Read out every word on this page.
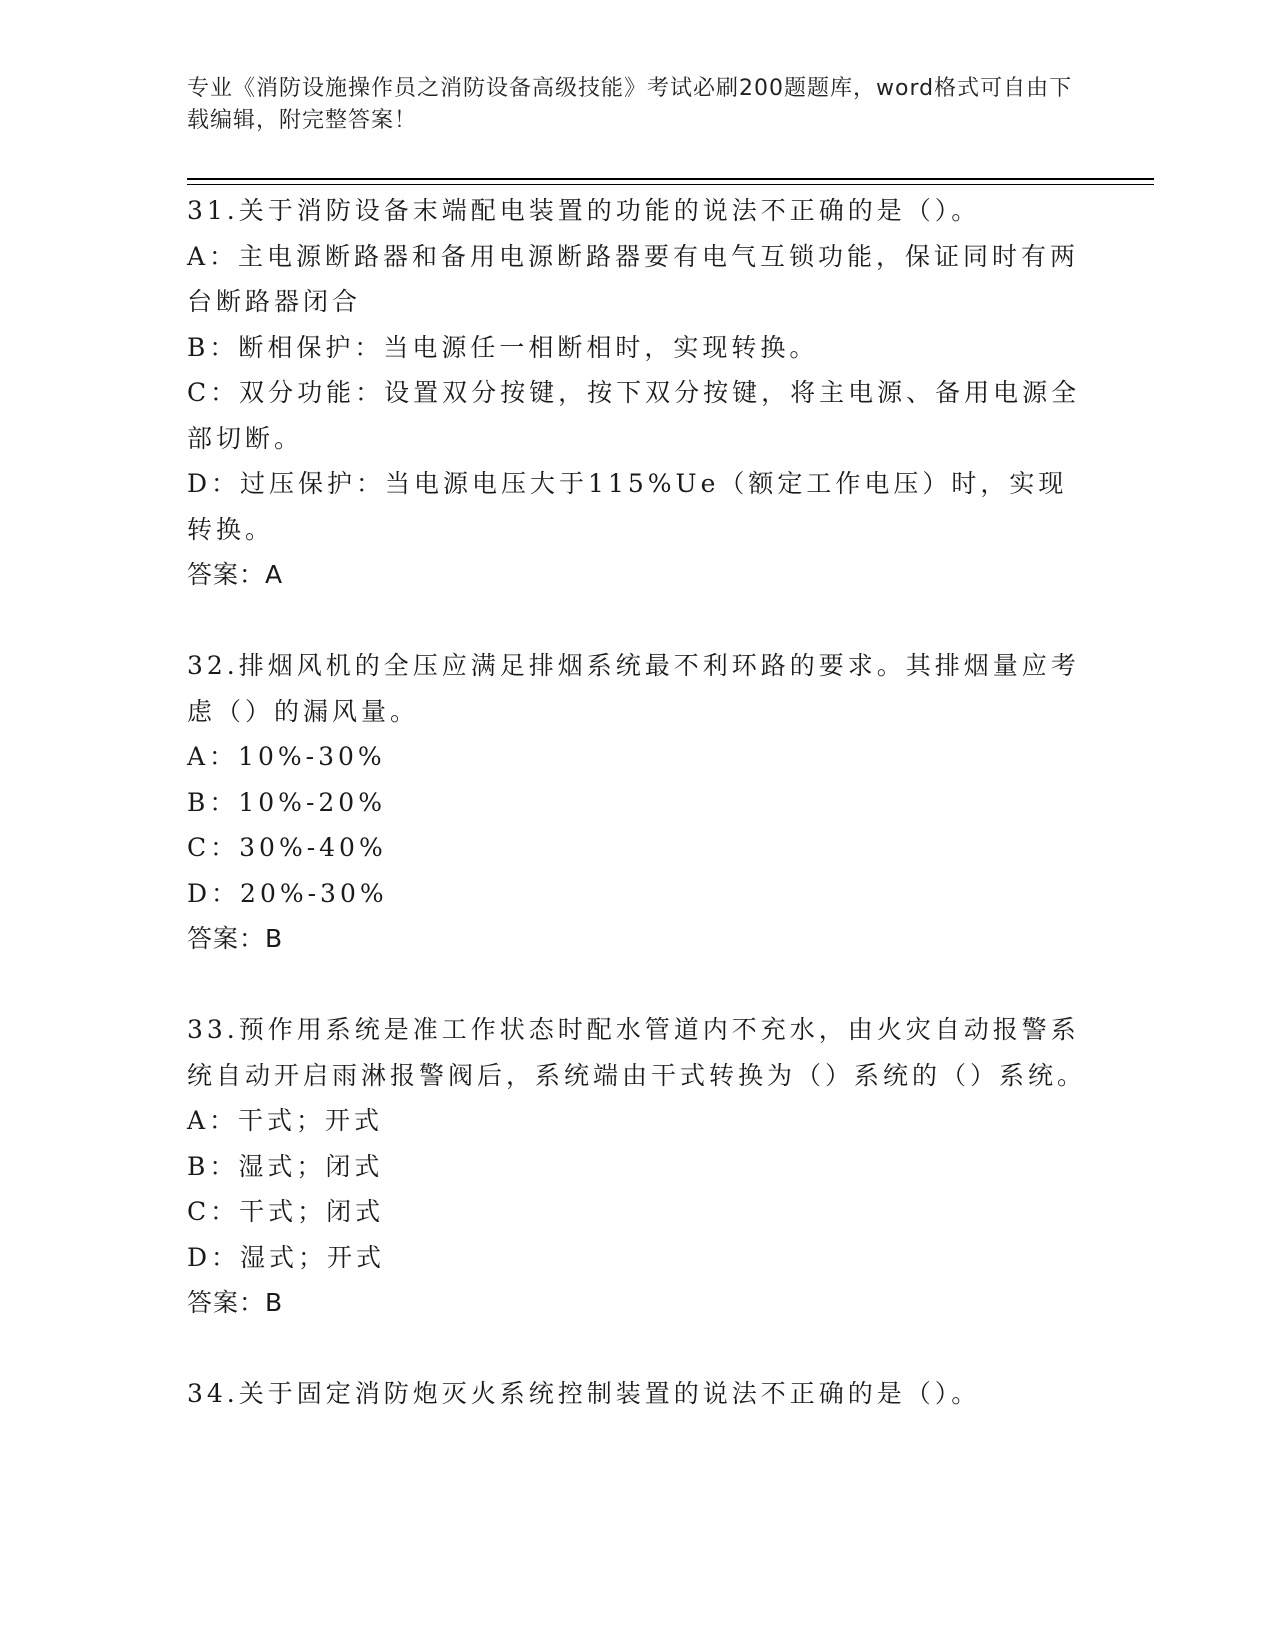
专业《消防设施操作员之消防设备高级技能》考试必刷200题题库，word格式可自由下载编辑，附完整答案！

31.关于消防设备末端配电装置的功能的说法不正确的是（）。

A：主电源断路器和备用电源断路器要有电气互锁功能，保证同时有两台断路器闭合

B：断相保护：当电源任一相断相时，实现转换。

C：双分功能：设置双分按键，按下双分按键，将主电源、备用电源全部切断。

D：过压保护：当电源电压大于115%Ue（额定工作电压）时，实现转换。

答案：A

32.排烟风机的全压应满足排烟系统最不利环路的要求。其排烟量应考虑（）的漏风量。

A：10%-30%

B：10%-20%

C：30%-40%

D：20%-30%

答案：B

33.预作用系统是准工作状态时配水管道内不充水，由火灾自动报警系统自动开启雨淋报警阀后，系统端由干式转换为（）系统的（）系统。

A：干式；开式

B：湿式；闭式

C：干式；闭式

D：湿式；开式

答案：B

34.关于固定消防炮灭火系统控制装置的说法不正确的是（）。
